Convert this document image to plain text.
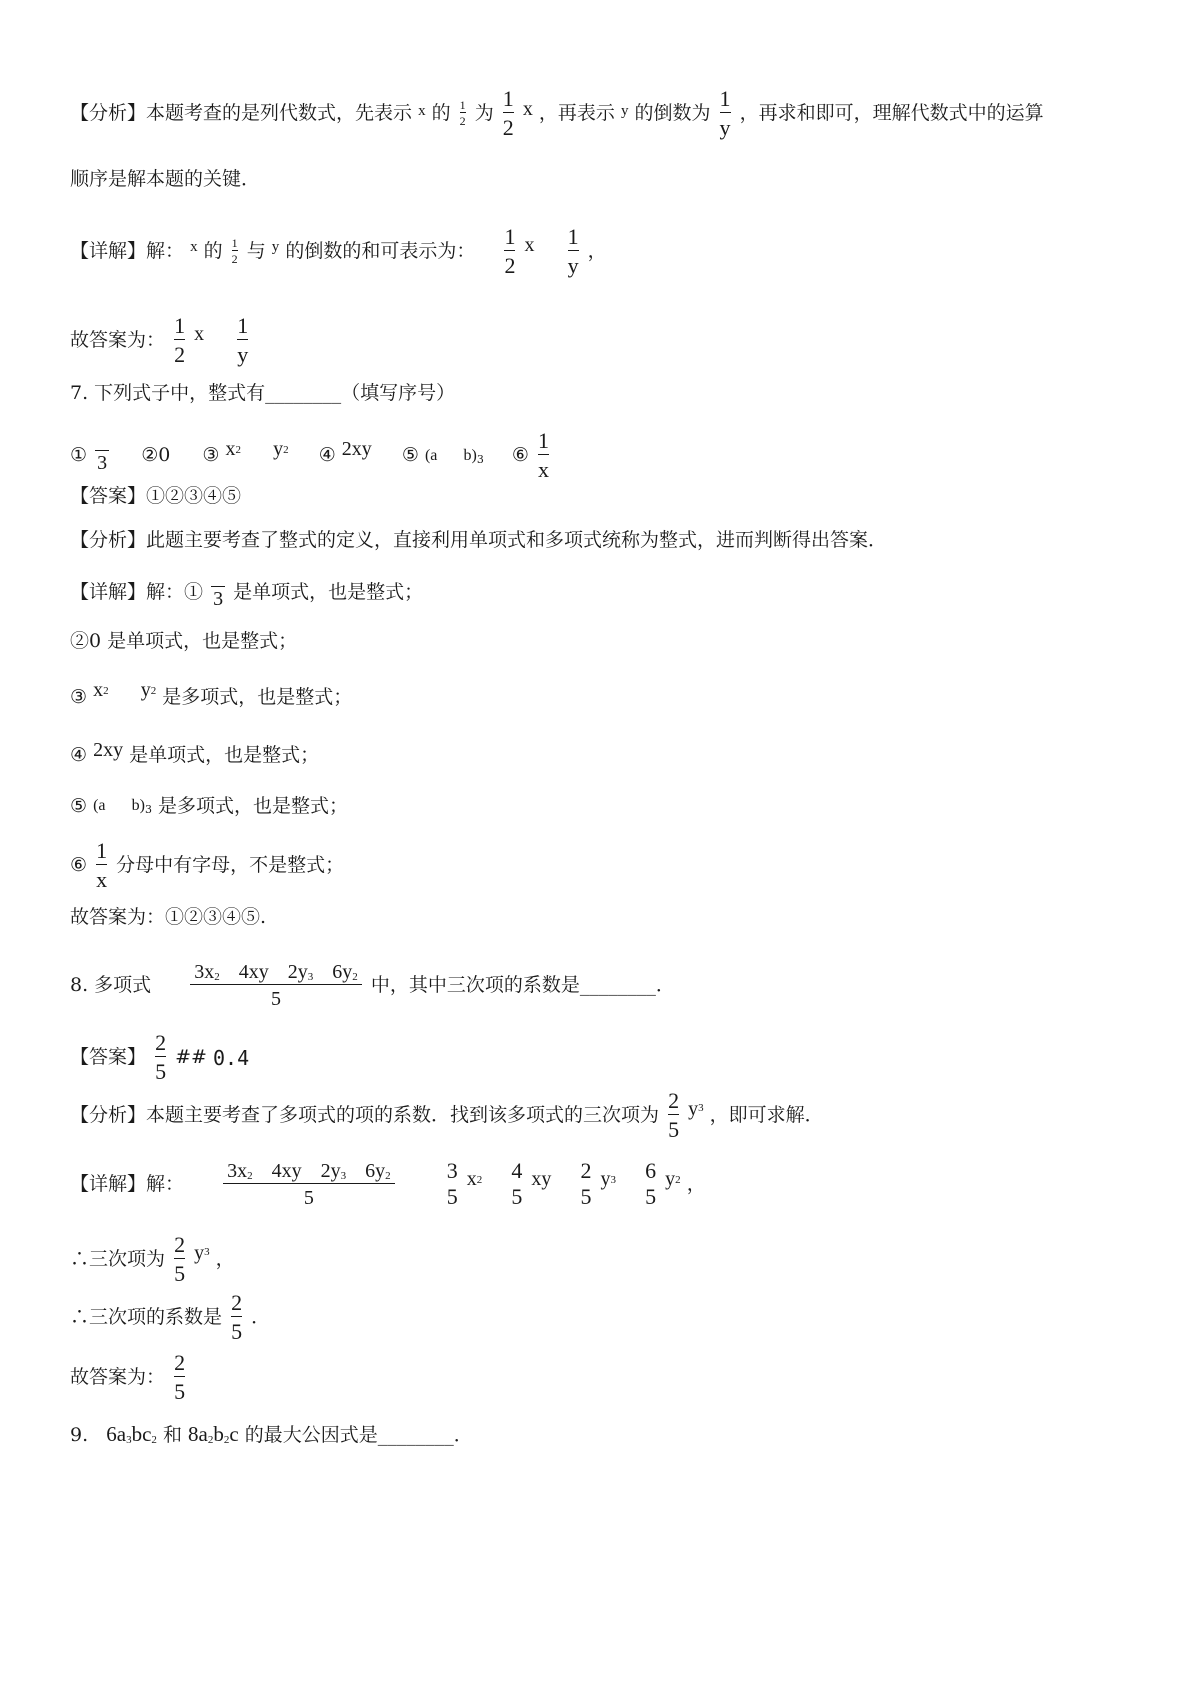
【分析】本题考查的是列代数式，先表示 x 的 $\frac{1}{2}$ 为 $\frac{1}{2}$ x ，再表示 y 的倒数为 $\frac{1}{y}$ ，再求和即可，理解代数式中的运算
顺序是解本题的关键．
【详解】解： x 的 $\frac{1}{2}$ 与 y 的倒数的和可表示为： $\frac{1}{2}$ x $\frac{1}{y}$ ，
故答案为： $\frac{1}{2}$ x $\frac{1}{y}$
7. 下列式子中，整式有________（填写序号）
① 3 ②0 ③ $x_2$ $y_2$ ④ 2xy ⑤ (a $b)_3$ ⑥ $\frac{1}{x}$
【答案】①②③④⑤
【分析】此题主要考查了整式的定义，直接利用单项式和多项式统称为整式，进而判断得出答案．
【详解】解：① 3 是单项式，也是整式；
②0 是单项式，也是整式；
③ $x_2$ $y_2$ 是多项式，也是整式；
④ 2xy 是单项式，也是整式；
⑤ (a $b)_3$ 是多项式，也是整式；
⑥ $\frac{1}{x}$ 分母中有字母，不是整式；
故答案为：①②③④⑤.
8. 多项式 $\frac{3x_2 4xy 2y_3 6y_2}{5}$ 中，其中三次项的系数是________．
【答案】 $\frac{2}{5}$ ## 0.4
【分析】本题主要考查了多项式的项的系数．找到该多项式的三次项为 $\frac{2}{5} y_3$ ，即可求解．
【详解】解： $\frac{3x_2 4xy 2y_3 6y_2}{5}$
3
5
$x_2$ 4
5
xy 2
5
$y_3$ 6
5
$y_2$ ，
∴三次项为 $\frac{2}{5} y_3$ ，
∴三次项的系数是 $\frac{2}{5}$ ．
故答案为： $\frac{2}{5}$
9. $6a_3bc_2$ 和 $8a_2b_2c$ 的最大公因式是________．
